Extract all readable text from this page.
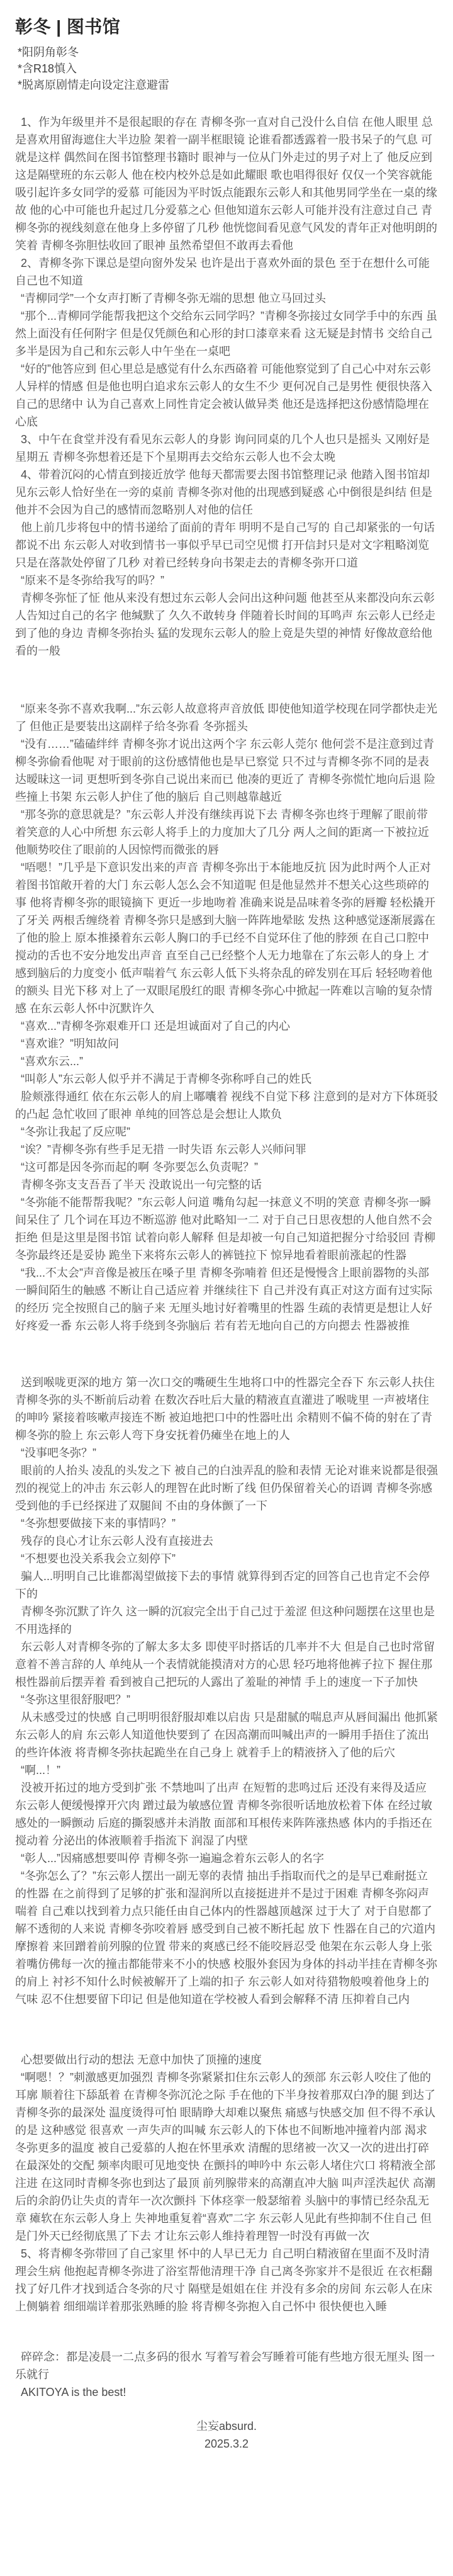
彰冬 | 图书馆
*阳阴角彰冬
*含R18慎入
*脱离原剧情走向设定注意避雷

1、作为年级里并不是很起眼的存在 青柳冬弥一直对自己没什么自信 在他人眼里 总是喜欢用留海遮住大半边脸 架着一副半框眼镜 论谁看都透露着一股书呆子的气息 可就是这样 偶然间在图书馆整理书籍时 眼神与一位从门外走过的男子对上了 他反应到这是隔壁班的东云彰人 他在校内校外总是如此耀眼 歌也唱得很好 仅仅一个笑容就能吸引起许多女同学的爱慕 可能因为平时饭点能跟东云彰人和其他男同学坐在一桌的缘故 他的心中可能也升起过几分爱慕之心 但他知道东云彰人可能并没有注意过自己 青柳冬弥的视线刻意在他身上多停留了几秒 他恍惚间看见意气风发的青年正对他明朗的笑着 青柳冬弥胆怯收回了眼神 虽然希望但不敢再去看他

2、青柳冬弥下课总是望向窗外发呆 也许是出于喜欢外面的景色 至于在想什么可能自己也不知道

“青柳同学”一个女声打断了青柳冬弥无端的思想 他立马回过头

“那个...青柳同学能帮我把这个交给东云同学吗？”青柳冬弥接过女同学手中的东西 虽然上面没有任何附字 但是仅凭颜色和心形的封口漆章来看 这无疑是封情书 交给自己多半是因为自己和东云彰人中午坐在一桌吧

“好的”他答应到 但心里总是感觉有什么东西硌着 可能他察觉到了自己心中对东云彰人异样的情感 但是他也明白追求东云彰人的女生不少 更何况自己是男性 便很快落入自己的思绪中 认为自己喜欢上同性肯定会被认做异类 他还是选择把这份感情隐埋在心底

3、中午在食堂并没有看见东云彰人的身影 询问同桌的几个人也只是摇头 又刚好是星期五 青柳冬弥想着还是下个星期再去交给东云彰人也不会太晚

4、带着沉闷的心情直到接近放学 他每天都需要去图书馆整理记录 他踏入图书馆却见东云彰人恰好坐在一旁的桌前 青柳冬弥对他的出现感到疑惑 心中倒很是纠结 但是他并不会因为自己的感情而忽略别人对他的信任

他上前几步将包中的情书递给了面前的青年 明明不是自己写的 自己却紧张的一句话都说不出 东云彰人对收到情书一事似乎早已司空见惯 打开信封只是对文字粗略浏览 只是在落款处停留了几秒 对着已经转身向书架走去的青柳冬弥开口道

“原来不是冬弥给我写的吗？”

青柳冬弥怔了怔 他从来没有想过东云彰人会问出这种问题 他甚至从来都没向东云彰人告知过自己的名字 他缄默了 久久不敢转身 伴随着长时间的耳鸣声 东云彰人已经走到了他的身边 青柳冬弥抬头 猛的发现东云彰人的脸上竟是失望的神情 好像故意给他看的一般

“原来冬弥不喜欢我啊...”东云彰人故意将声音放低 即使他知道学校现在同学都快走光了 但他正是要装出这副样子给冬弥看 冬弥摇头

“没有……”磕磕绊绊 青柳冬弥才说出这两个字 东云彰人莞尔 他何尝不是注意到过青柳冬弥偷看他呢 对于眼前的这份感情他也是早已察觉 只不过与青柳冬弥不同的是表达暧昧这一词 更想听到冬弥自己说出来而已 他凑的更近了 青柳冬弥慌忙地向后退 险些撞上书架 东云彰人护住了他的脑后 自己则越靠越近

“那冬弥的意思就是？”东云彰人并没有继续再说下去 青柳冬弥也终于理解了眼前带着笑意的人心中所想 东云彰人将手上的力度加大了几分 两人之间的距离一下被拉近 他顺势咬住了眼前的人因惊愕而微张的唇

“唔嗯！”几乎是下意识发出来的声音 青柳冬弥出于本能地反抗 因为此时两个人正对着图书馆敞开着的大门 东云彰人怎么会不知道呢 但是他显然并不想关心这些琐碎的事 他将青柳冬弥的眼镜摘下 更近一步地吻着 准确来说是品味着冬弥的唇瓣 轻松撬开了牙关 两根舌缠绕着 青柳冬弥只是感到大脑一阵阵地晕眩 发热 这种感觉逐渐展露在了他的脸上 原本推搡着东云彰人胸口的手已经不自觉环住了他的脖颈 在自己口腔中搅动的舌也不安分地发出声音 直至自己已经整个人无力地靠在了东云彰人的身上 才感到脑后的力度变小 低声喘着气 东云彰人低下头将杂乱的碎发别在耳后 轻轻吻着他的额头 目光下移 对上了一双眼尾殷红的眼 青柳冬弥心中掀起一阵难以言喻的复杂情感 在东云彰人怀中沉默许久

“喜欢...”青柳冬弥艰难开口 还是坦诚面对了自己的内心

“喜欢谁？”明知故问

“喜欢东云...”

“叫彰人”东云彰人似乎并不满足于青柳冬弥称呼自己的姓氏

脸颊涨得通红 依在东云彰人的肩上嘟囔着 视线不自觉下移 注意到的是对方下体斑驳的凸起 急忙收回了眼神 单纯的回答总是会想让人欺负

“冬弥让我起了反应呢”

“诶？”青柳冬弥有些手足无措 一时失语 东云彰人兴师问罪

“这可都是因冬弥而起的啊 冬弥要怎么负责呢？”

青柳冬弥支支吾吾了半天 没敢说出一句完整的话

“冬弥能不能帮帮我呢？”东云彰人问道 嘴角勾起一抹意义不明的笑意 青柳冬弥一瞬间呆住了 几个词在耳边不断巡游 他对此略知一二 对于自己日思夜想的人他自然不会拒绝 但是这里是图书馆 试着向彰人解释 但是却被一句自己知道把握分寸给驳回 青柳冬弥最终还是妥协 跪坐下来将东云彰人的裤链拉下 惊异地看着眼前涨起的性器

“我...不太会”声音像是被压在嗓子里 青柳冬弥喃着 但还是慢慢含上眼前器物的头部 一瞬间陌生的触感 不断让自己适应着 并继续往下 自己并没有真正对这方面有过实际的经历 完全按照自己的脑子来 无厘头地讨好着嘴里的性器 生疏的表情更是想让人好好疼爱一番 东云彰人将手绕到冬弥脑后 若有若无地向自己的方向摁去 性器被推

送到喉咙更深的地方 第一次口交的嘴硬生生地将口中的性器完全吞下 东云彰人扶住青柳冬弥的头不断前后动着 在数次吞吐后大量的精液直直灌进了喉咙里 一声被堵住的呻吟 紧接着咳嗽声接连不断 被迫地把口中的性器吐出 余精则不偏不倚的射在了青柳冬弥的脸上 东云彰人弯下身安抚着仍瘫坐在地上的人

“没事吧冬弥？”

眼前的人抬头 凌乱的头发之下 被自己的白浊弄乱的脸和表情 无论对谁来说都是很强烈的视觉上的冲击 东云彰人的理智在此时断了线 但仍保留着关心的语调 青柳冬弥感受到他的手已经探进了双腿间 不由的身体颤了一下

“冬弥想要做接下来的事情吗？”

残存的良心才让东云彰人没有直接进去

“不想要也没关系我会立刻停下”

骗人...明明自己比谁都渴望做接下去的事情 就算得到否定的回答自己也肯定不会停下的

青柳冬弥沉默了许久 这一瞬的沉寂完全出于自己过于羞涩 但这种问题摆在这里也是不用选择的

东云彰人对青柳冬弥的了解太多太多 即使平时搭话的几率并不大 但是自己也时常留意着不善言辞的人 单纯从一个表情就能摸清对方的心思 轻巧地将他裤子拉下 握住那根性器前后摆弄着 看到被自己把玩的人露出了羞耻的神情 手上的速度一下子加快

“冬弥这里很舒服吧？”

从未感受过的快感 自己明明很舒服却难以启齿 只是甜腻的喘息声从唇间漏出 他抓紧东云彰人的肩 东云彰人知道他快要到了 在因高潮而叫喊出声的一瞬用手捂住了流出的些许体液 将青柳冬弥扶起跪坐在自己身上 就着手上的精液挤入了他的后穴

“啊...！”

没被开拓过的地方受到扩张 不禁地叫了出声 在短暂的悲鸣过后 还没有来得及适应 东云彰人便缓慢撑开穴肉 蹭过最为敏感位置 青柳冬弥很听话地放松着下体 在经过敏感处的一瞬颤动 后庭的撕裂感并未消散 面部和耳根传来阵阵涨热感 体内的手指还在搅动着 分泌出的体液顺着手指流下 润湿了内壁

“彰人...”因痛感想要叫停 青柳冬弥一遍遍念着东云彰人的名字

“冬弥怎么了？”东云彰人摆出一副无辜的表情 抽出手指取而代之的是早已难耐挺立的性器 在之前得到了足够的扩张和湿润所以直接挺进并不是过于困难 青柳冬弥闷声喘着 自己难以找到着力点只能任由自己体内的性器越顶越深 过于大了 对于自慰都了解不透彻的人来说 青柳冬弥咬着唇 感受到自己被不断托起 放下 性器在自己的穴道内摩擦着 来回蹭着前列腺的位置 带来的爽感已经不能咬唇忍受 他架在东云彰人身上张着嘴仿佛每一次的撞击都能带来不小的快感 校服外套因为身体的抖动半挂在青柳冬弥的肩上 衬衫不知什么时候被解开了上端的扣子 东云彰人如对待猎物般嗅着他身上的气味 忍不住想要留下印记 但是他知道在学校被人看到会解释不清 压抑着自己内

心想要做出行动的想法 无意中加快了顶撞的速度

“啊嗯！？”刺激感更加强烈 青柳冬弥紧紧扣住东云彰人的颈部 东云彰人咬住了他的耳廓 顺着往下舔舐着 在青柳冬弥沉沦之际 手在他的下半身按着那双白净的腿 到达了青柳冬弥的最深处 温度烫得可怕 眼睛睁大却难以聚焦 痛感与快感交加 但不得不承认的是 这种感觉 很喜欢 一声失声的叫喊 东云彰人的下体也不间断地冲撞着内部 渴求冬弥更多的温度 被自己爱慕的人抱在怀里承欢 清醒的思绪被一次又一次的进出打碎 在最深处的交配 频率肉眼可见地变快 在颤抖的呻吟中 东云彰人堵住穴口 将精液全部注进 在这同时青柳冬弥也到达了最顶 前列腺带来的高潮直冲大脑 叫声淫泆起伏 高潮后的余韵仍让失贞的青年一次次颤抖 下体痉挛一般瑟缩着 头脑中的事情已经杂乱无章 瘫软在东云彰人身上 失神地重复着“喜欢”二字 东云彰人见此有些抑制不住自己 但是门外天已经彻底黑了下去 才让东云彰人维持着理智一时没有再做一次

5、将青柳冬弥带回了自己家里 怀中的人早已无力 自己明白精液留在里面不及时清理会生病 他抱起青柳冬弥进了浴室帮他清理干净 自己离冬弥家并不是很近 在衣柜翻找了好几件才找到适合冬弥的尺寸 隔壁是姐姐在住 并没有多余的房间 东云彰人在床上侧躺着 细细端详着那张熟睡的脸 将青柳冬弥抱入自己怀中 很快便也入睡

碎碎念：都是凌晨一二点多码的很水 写着写着会写睡着可能有些地方很无厘头 图一乐就行

AKITOYA is the best!

尘妄absurd.

2025.3.2
